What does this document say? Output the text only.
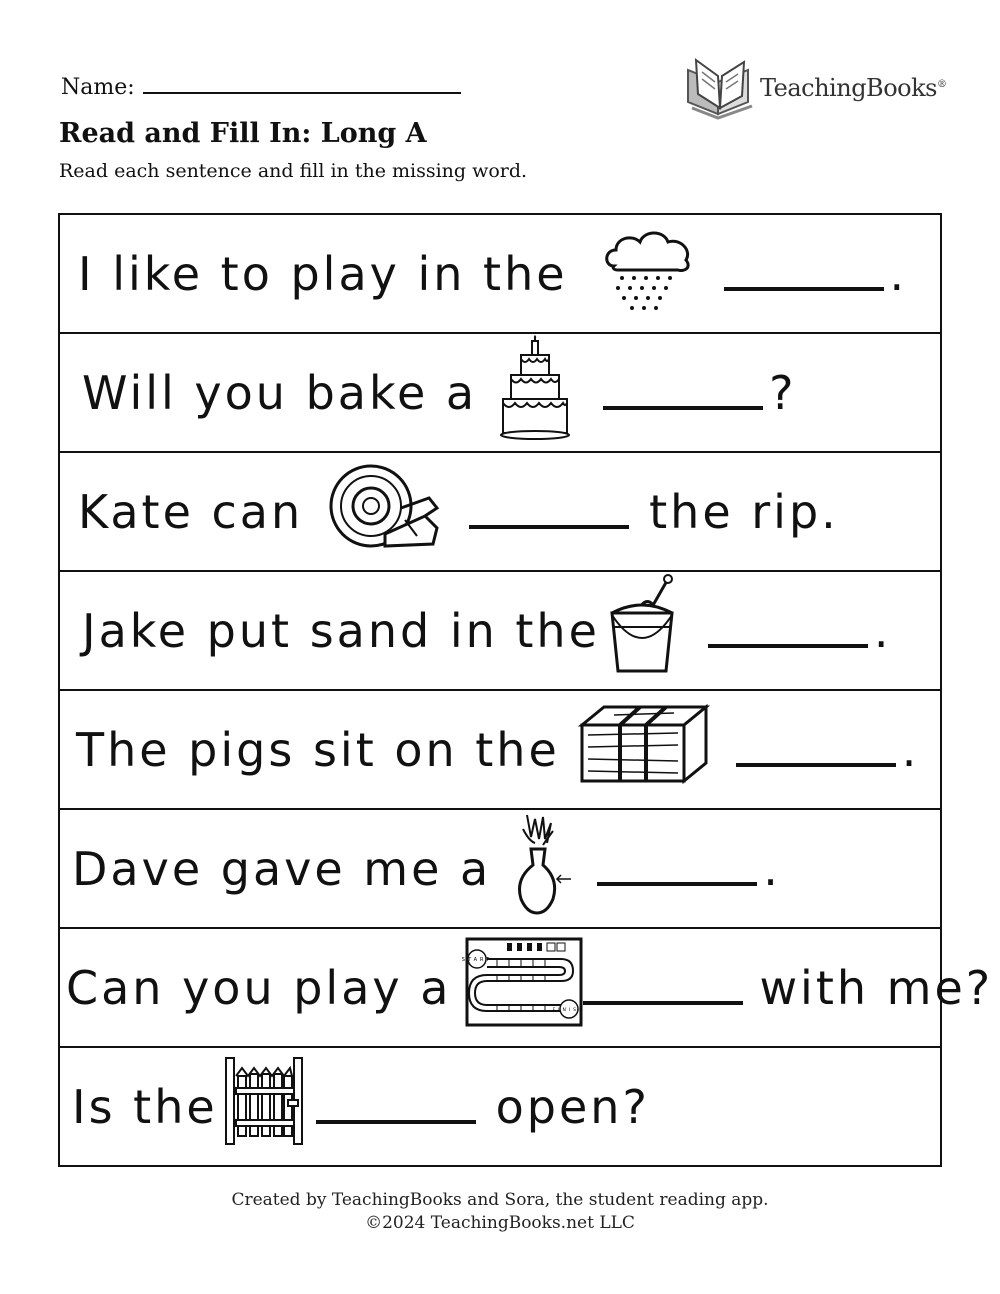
Name:	TeachingBooks®
Read and Fill In: Long A
Read each sentence and fill in the missing word.
I like to play in the	.
Will you bake a	?
Kate can	the rip.
Jake put sand in the	.
The pigs sit on the	.
Dave gave me a	.
Can you play a
START
FINISH	with me?
Is the	open?
Created by TeachingBooks and Sora, the student reading app.
©2024 TeachingBooks.net LLC
